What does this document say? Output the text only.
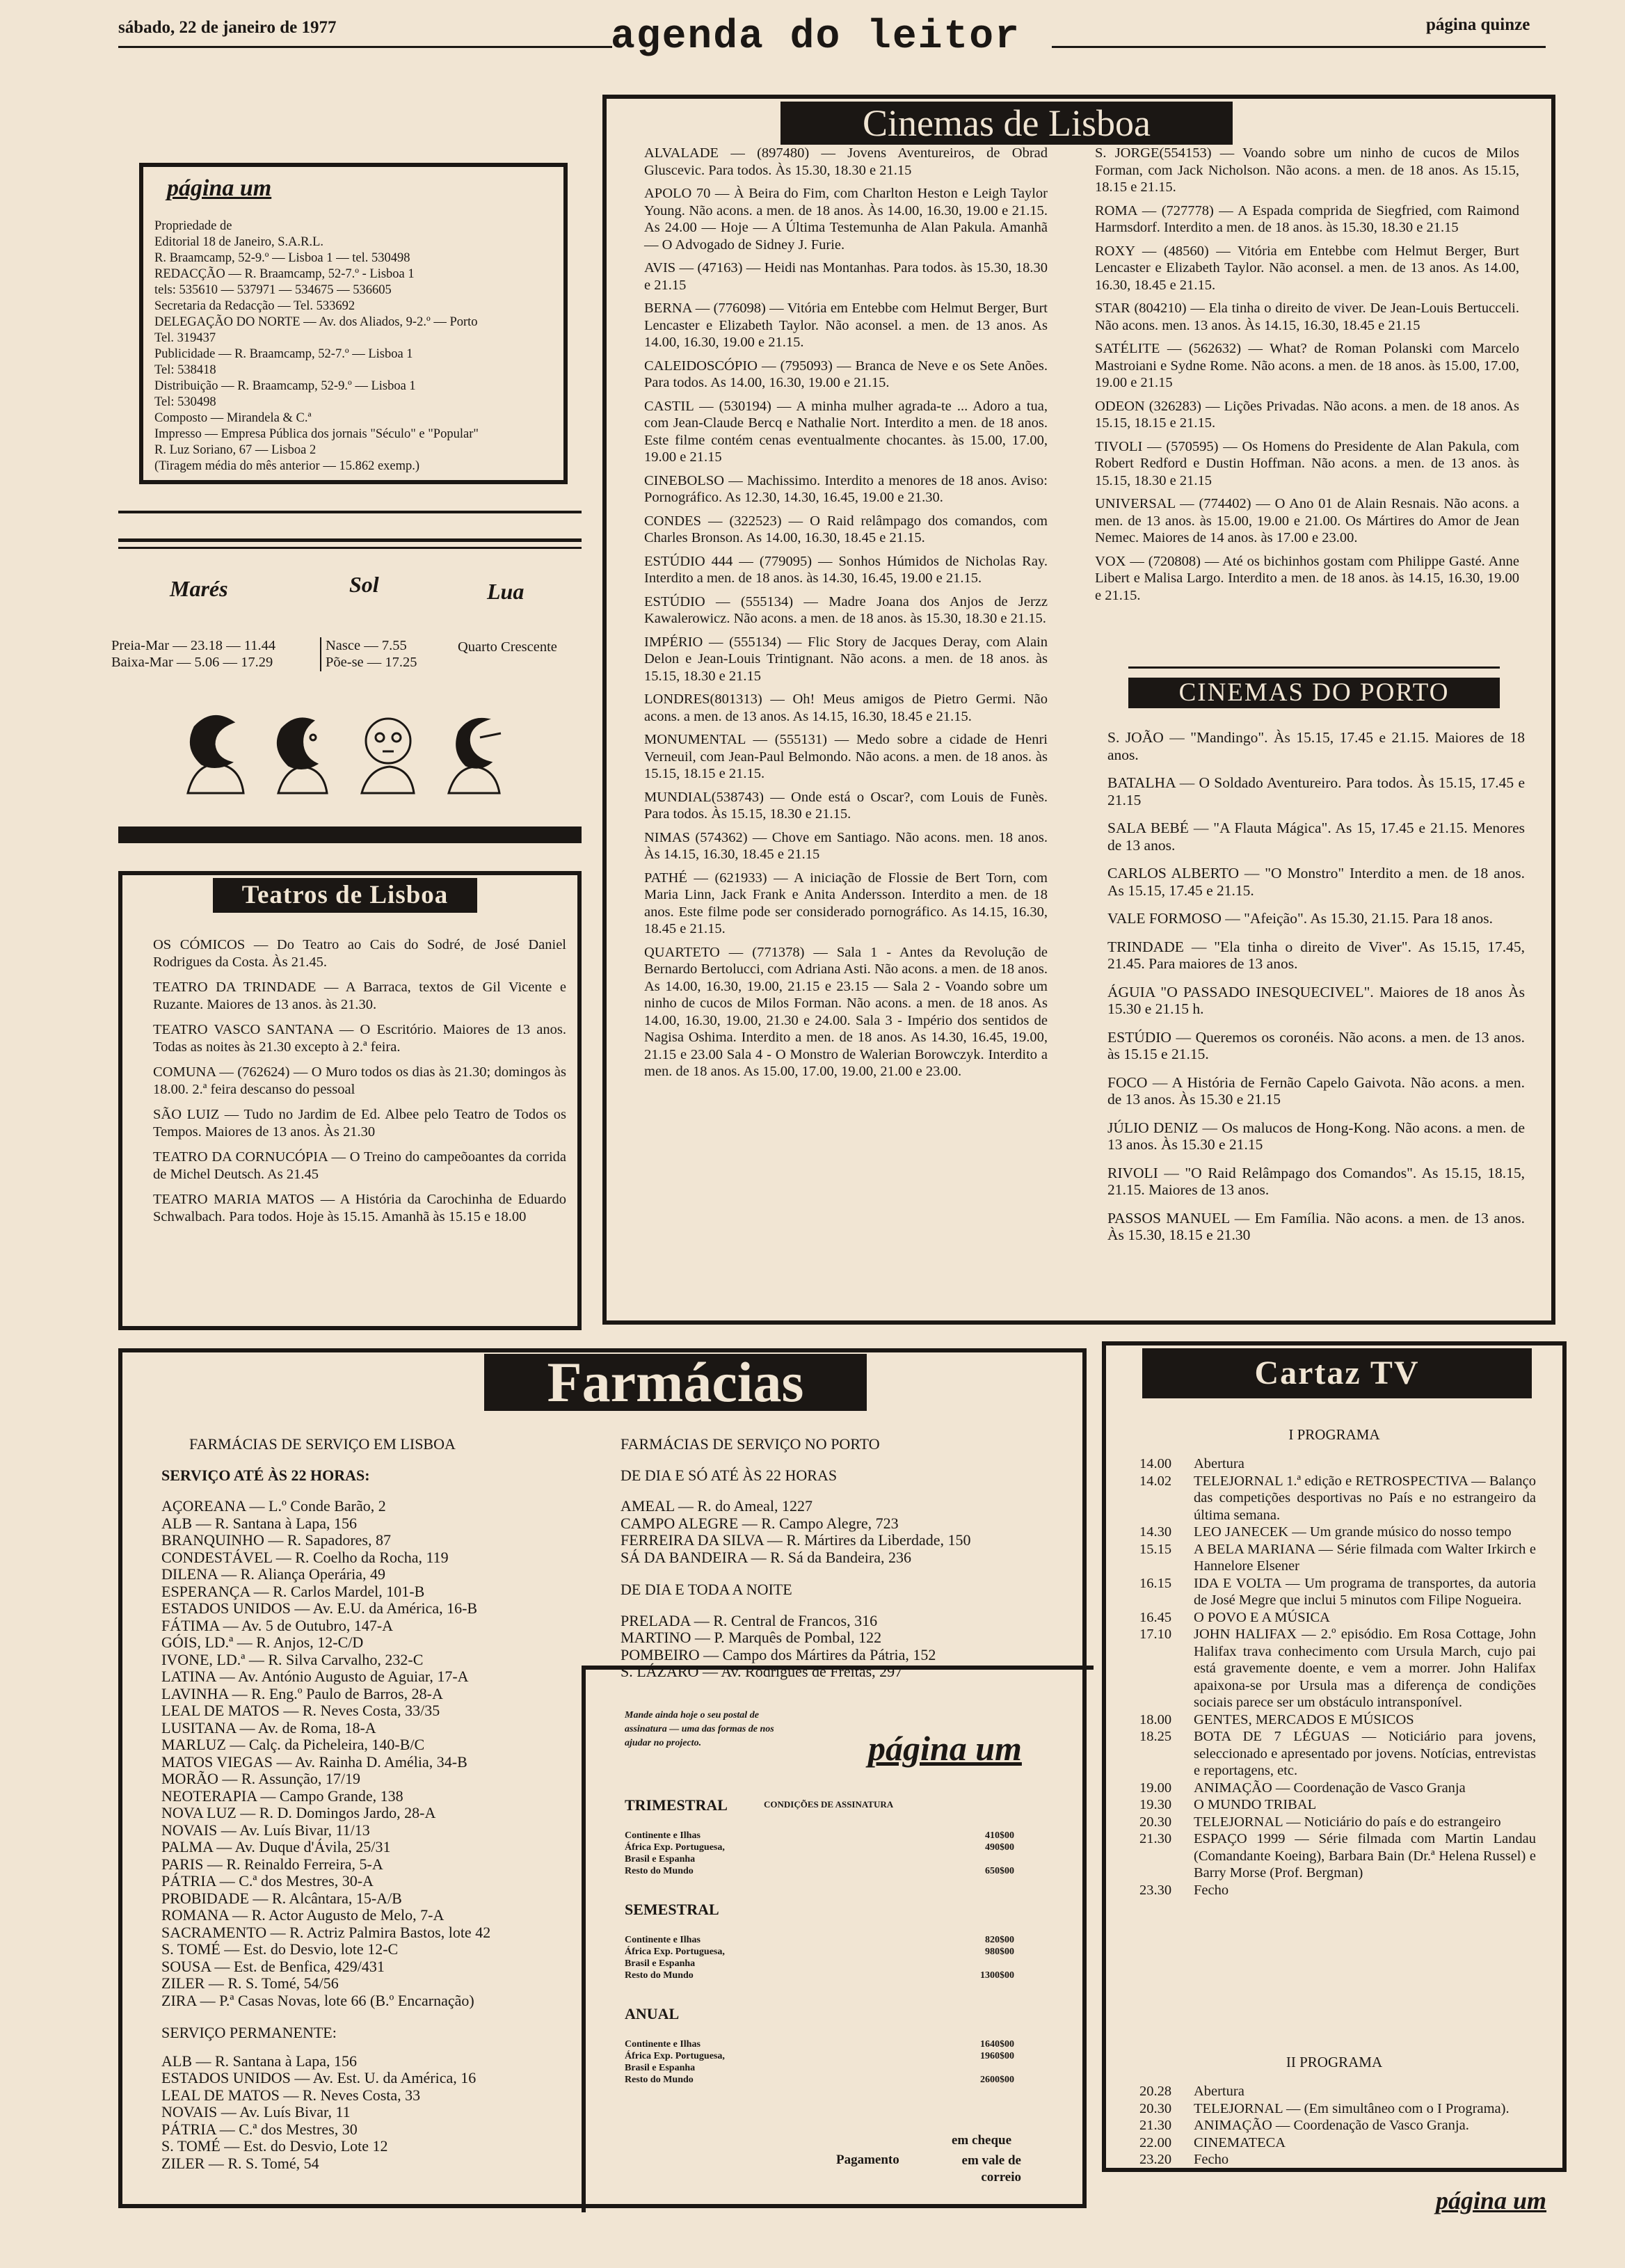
sábado, 22 de janeiro de 1977	agenda do leitor	página quinze
página um

Propriedade de

Editorial 18 de Janeiro, S.A.R.L.

R. Braamcamp, 52-9.º — Lisboa 1 — tel. 530498

REDACÇÃO — R. Braamcamp, 52-7.º - Lisboa 1

tels: 535610 — 537971 — 534675 — 536605

Secretaria da Redacção — Tel. 533692

DELEGAÇÃO DO NORTE — Av. dos Aliados, 9-2.º — Porto

Tel. 319437

Publicidade — R. Braamcamp, 52-7.º — Lisboa 1

Tel: 538418

Distribuição — R. Braamcamp, 52-9.º — Lisboa 1

Tel: 530498

Composto — Mirandela & C.ª

Impresso — Empresa Pública dos jornais "Século" e "Popular"

R. Luz Soriano, 67 — Lisboa 2

(Tiragem média do mês anterior — 15.862 exemp.)

Marés	Sol	Lua
Preia-Mar — 23.18 — 11.44
Baixa-Mar — 5.06 — 17.29
Nasce — 7.55
Põe-se — 17.25
Quarto Crescente
Teatros de Lisboa

OS CÓMICOS — Do Teatro ao Cais do Sodré, de José Daniel Rodrigues da Costa. Às 21.45.

TEATRO DA TRINDADE — A Barraca, textos de Gil Vicente e Ruzante. Maiores de 13 anos. às 21.30.

TEATRO VASCO SANTANA — O Escritório. Maiores de 13 anos. Todas as noites às 21.30 excepto à 2.ª feira.

COMUNA — (762624) — O Muro todos os dias às 21.30; domingos às 18.00. 2.ª feira descanso do pessoal

SÃO LUIZ — Tudo no Jardim de Ed. Albee pelo Teatro de Todos os Tempos. Maiores de 13 anos. Às 21.30

TEATRO DA CORNUCÓPIA — O Treino do campeõoantes da corrida de Michel Deutsch. As 21.45

TEATRO MARIA MATOS — A História da Carochinha de Eduardo Schwalbach. Para todos. Hoje às 15.15. Amanhã às 15.15 e 18.00

Cinemas de Lisboa

ALVALADE — (897480) — Jovens Aventureiros, de Obrad Gluscevic. Para todos. Às 15.30, 18.30 e 21.15

APOLO 70 — À Beira do Fim, com Charlton Heston e Leigh Taylor Young. Não acons. a men. de 18 anos. Às 14.00, 16.30, 19.00 e 21.15. As 24.00 — Hoje — A Última Testemunha de Alan Pakula. Amanhã — O Advogado de Sidney J. Furie.

AVIS — (47163) — Heidi nas Montanhas. Para todos. às 15.30, 18.30 e 21.15

BERNA — (776098) — Vitória em Entebbe com Helmut Berger, Burt Lencaster e Elizabeth Taylor. Não aconsel. a men. de 13 anos. As 14.00, 16.30, 19.00 e 21.15.

CALEIDOSCÓPIO — (795093) — Branca de Neve e os Sete Anões. Para todos. As 14.00, 16.30, 19.00 e 21.15.

CASTIL — (530194) — A minha mulher agrada-te ... Adoro a tua, com Jean-Claude Bercq e Nathalie Nort. Interdito a men. de 18 anos. Este filme contém cenas eventualmente chocantes. às 15.00, 17.00, 19.00 e 21.15

CINEBOLSO — Machissimo. Interdito a menores de 18 anos. Aviso: Pornográfico. As 12.30, 14.30, 16.45, 19.00 e 21.30.

CONDES — (322523) — O Raid relâmpago dos comandos, com Charles Bronson. As 14.00, 16.30, 18.45 e 21.15.

ESTÚDIO 444 — (779095) — Sonhos Húmidos de Nicholas Ray. Interdito a men. de 18 anos. às 14.30, 16.45, 19.00 e 21.15.

ESTÚDIO — (555134) — Madre Joana dos Anjos de Jerzz Kawalerowicz. Não acons. a men. de 18 anos. às 15.30, 18.30 e 21.15.

IMPÉRIO — (555134) — Flic Story de Jacques Deray, com Alain Delon e Jean-Louis Trintignant. Não acons. a men. de 18 anos. às 15.15, 18.30 e 21.15

LONDRES(801313) — Oh! Meus amigos de Pietro Germi. Não acons. a men. de 13 anos. As 14.15, 16.30, 18.45 e 21.15.

MONUMENTAL — (555131) — Medo sobre a cidade de Henri Verneuil, com Jean-Paul Belmondo. Não acons. a men. de 18 anos. às 15.15, 18.15 e 21.15.

MUNDIAL(538743) — Onde está o Oscar?, com Louis de Funès. Para todos. Às 15.15, 18.30 e 21.15.

NIMAS (574362) — Chove em Santiago. Não acons. men. 18 anos. Às 14.15, 16.30, 18.45 e 21.15

PATHÉ — (621933) — A iniciação de Flossie de Bert Torn, com Maria Linn, Jack Frank e Anita Andersson. Interdito a men. de 18 anos. Este filme pode ser considerado pornográfico. As 14.15, 16.30, 18.45 e 21.15.

QUARTETO — (771378) — Sala 1 - Antes da Revolução de Bernardo Bertolucci, com Adriana Asti. Não acons. a men. de 18 anos. As 14.00, 16.30, 19.00, 21.15 e 23.15 — Sala 2 - Voando sobre um ninho de cucos de Milos Forman. Não acons. a men. de 18 anos. As 14.00, 16.30, 19.00, 21.30 e 24.00. Sala 3 - Império dos sentidos de Nagisa Oshima. Interdito a men. de 18 anos. As 14.30, 16.45, 19.00, 21.15 e 23.00 Sala 4 - O Monstro de Walerian Borowczyk. Interdito a men. de 18 anos. As 15.00, 17.00, 19.00, 21.00 e 23.00.

S. JORGE(554153) — Voando sobre um ninho de cucos de Milos Forman, com Jack Nicholson. Não acons. a men. de 18 anos. As 15.15, 18.15 e 21.15.

ROMA — (727778) — A Espada comprida de Siegfried, com Raimond Harmsdorf. Interdito a men. de 18 anos. às 15.30, 18.30 e 21.15

ROXY — (48560) — Vitória em Entebbe com Helmut Berger, Burt Lencaster e Elizabeth Taylor. Não aconsel. a men. de 13 anos. As 14.00, 16.30, 18.45 e 21.15.

STAR (804210) — Ela tinha o direito de viver. De Jean-Louis Bertucceli. Não acons. men. 13 anos. Às 14.15, 16.30, 18.45 e 21.15

SATÉLITE — (562632) — What? de Roman Polanski com Marcelo Mastroiani e Sydne Rome. Não acons. a men. de 18 anos. às 15.00, 17.00, 19.00 e 21.15

ODEON (326283) — Lições Privadas. Não acons. a men. de 18 anos. As 15.15, 18.15 e 21.15.

TIVOLI — (570595) — Os Homens do Presidente de Alan Pakula, com Robert Redford e Dustin Hoffman. Não acons. a men. de 13 anos. às 15.15, 18.30 e 21.15

UNIVERSAL — (774402) — O Ano 01 de Alain Resnais. Não acons. a men. de 13 anos. às 15.00, 19.00 e 21.00. Os Mártires do Amor de Jean Nemec. Maiores de 14 anos. às 17.00 e 23.00.

VOX — (720808) — Até os bichinhos gostam com Philippe Gasté. Anne Libert e Malisa Largo. Interdito a men. de 18 anos. às 14.15, 16.30, 19.00 e 21.15.

CINEMAS DO PORTO

S. JOÃO — "Mandingo". Às 15.15, 17.45 e 21.15. Maiores de 18 anos.

BATALHA — O Soldado Aventureiro. Para todos. Às 15.15, 17.45 e 21.15

SALA BEBÉ — "A Flauta Mágica". As 15, 17.45 e 21.15. Menores de 13 anos.

CARLOS ALBERTO — "O Monstro" Interdito a men. de 18 anos. As 15.15, 17.45 e 21.15.

VALE FORMOSO — "Afeição". As 15.30, 21.15. Para 18 anos.

TRINDADE — "Ela tinha o direito de Viver". As 15.15, 17.45, 21.45. Para maiores de 13 anos.

ÁGUIA "O PASSADO INESQUECIVEL". Maiores de 18 anos Às 15.30 e 21.15 h.

ESTÚDIO — Queremos os coronéis. Não acons. a men. de 13 anos. às 15.15 e 21.15.

FOCO — A História de Fernão Capelo Gaivota. Não acons. a men. de 13 anos. Às 15.30 e 21.15

JÚLIO DENIZ — Os malucos de Hong-Kong. Não acons. a men. de 13 anos. Às 15.30 e 21.15

RIVOLI — "O Raid Relâmpago dos Comandos". As 15.15, 18.15, 21.15. Maiores de 13 anos.

PASSOS MANUEL — Em Família. Não acons. a men. de 13 anos. Às 15.30, 18.15 e 21.30

Farmácias

FARMÁCIAS DE SERVIÇO EM LISBOA

SERVIÇO ATÉ ÀS 22 HORAS:

AÇOREANA — L.º Conde Barão, 2

ALB — R. Santana à Lapa, 156

BRANQUINHO — R. Sapadores, 87

CONDESTÁVEL — R. Coelho da Rocha, 119

DILENA — R. Aliança Operária, 49

ESPERANÇA — R. Carlos Mardel, 101-B

ESTADOS UNIDOS — Av. E.U. da América, 16-B

FÁTIMA — Av. 5 de Outubro, 147-A

GÓIS, LD.ª — R. Anjos, 12-C/D

IVONE, LD.ª — R. Silva Carvalho, 232-C

LATINA — Av. António Augusto de Aguiar, 17-A

LAVINHA — R. Eng.º Paulo de Barros, 28-A

LEAL DE MATOS — R. Neves Costa, 33/35

LUSITANA — Av. de Roma, 18-A

MARLUZ — Calç. da Picheleira, 140-B/C

MATOS VIEGAS — Av. Rainha D. Amélia, 34-B

MORÃO — R. Assunção, 17/19

NEOTERAPIA — Campo Grande, 138

NOVA LUZ — R. D. Domingos Jardo, 28-A

NOVAIS — Av. Luís Bivar, 11/13

PALMA — Av. Duque d'Ávila, 25/31

PARIS — R. Reinaldo Ferreira, 5-A

PÁTRIA — C.ª dos Mestres, 30-A

PROBIDADE — R. Alcântara, 15-A/B

ROMANA — R. Actor Augusto de Melo, 7-A

SACRAMENTO — R. Actriz Palmira Bastos, lote 42

S. TOMÉ — Est. do Desvio, lote 12-C

SOUSA — Est. de Benfica, 429/431

ZILER — R. S. Tomé, 54/56

ZIRA — P.ª Casas Novas, lote 66 (B.º Encarnação)

SERVIÇO PERMANENTE:

ALB — R. Santana à Lapa, 156

ESTADOS UNIDOS — Av. Est. U. da América, 16

LEAL DE MATOS — R. Neves Costa, 33

NOVAIS — Av. Luís Bivar, 11

PÁTRIA — C.ª dos Mestres, 30

S. TOMÉ — Est. do Desvio, Lote 12

ZILER — R. S. Tomé, 54

FARMÁCIAS DE SERVIÇO NO PORTO

DE DIA E SÓ ATÉ ÀS 22 HORAS

AMEAL — R. do Ameal, 1227

CAMPO ALEGRE — R. Campo Alegre, 723

FERREIRA DA SILVA — R. Mártires da Liberdade, 150

SÁ DA BANDEIRA — R. Sá da Bandeira, 236

DE DIA E TODA A NOITE

PRELADA — R. Central de Francos, 316

MARTINO — P. Marquês de Pombal, 122

POMBEIRO — Campo dos Mártires da Pátria, 152

S. LÁZARO — Av. Rodrigues de Freitas, 297

Mande ainda hoje o seu postal de assinatura — uma das formas de nos ajudar no projecto.	página um
CONDIÇÕES DE ASSINATURA

TRIMESTRAL

Continente e Ilhas	410$00
África Exp. Portuguesa,	490$00
Brasil e Espanha
Resto do Mundo	650$00

SEMESTRAL

Continente e Ilhas	820$00
África Exp. Portuguesa,	980$00
Brasil e Espanha
Resto do Mundo	1300$00

ANUAL

Continente e Ilhas	1640$00
África Exp. Portuguesa,	1960$00
Brasil e Espanha
Resto do Mundo	2600$00
Pagamento
em cheque
em vale de correio
Cartaz TV
I PROGRAMA
14.00	Abertura
14.02	TELEJORNAL 1.ª edição e RETROSPECTIVA — Balanço das competições desportivas no País e no estrangeiro da última semana.
14.30	LEO JANECEK — Um grande músico do nosso tempo
15.15	A BELA MARIANA — Série filmada com Walter Irkirch e Hannelore Elsener
16.15	IDA E VOLTA — Um programa de transportes, da autoria de José Megre que inclui 5 minutos com Filipe Nogueira.
16.45	O POVO E A MÚSICA
17.10	JOHN HALIFAX — 2.º episódio. Em Rosa Cottage, John Halifax trava conhecimento com Ursula March, cujo pai está gravemente doente, e vem a morrer. John Halifax apaixona-se por Ursula mas a diferença de condições sociais parece ser um obstáculo intransponível.
18.00	GENTES, MERCADOS E MÚSICOS
18.25	BOTA DE 7 LÉGUAS — Noticiário para jovens, seleccionado e apresentado por jovens. Notícias, entrevistas e reportagens, etc.
19.00	ANIMAÇÃO — Coordenação de Vasco Granja
19.30	O MUNDO TRIBAL
20.30	TELEJORNAL — Noticiário do país e do estrangeiro
21.30	ESPAÇO 1999 — Série filmada com Martin Landau (Comandante Koeing), Barbara Bain (Dr.ª Helena Russel) e Barry Morse (Prof. Bergman)
23.30	Fecho
II PROGRAMA
20.28	Abertura
20.30	TELEJORNAL — (Em simultâneo com o I Programa).
21.30	ANIMAÇÃO — Coordenação de Vasco Granja.
22.00	CINEMATECA
23.20	Fecho
página um
